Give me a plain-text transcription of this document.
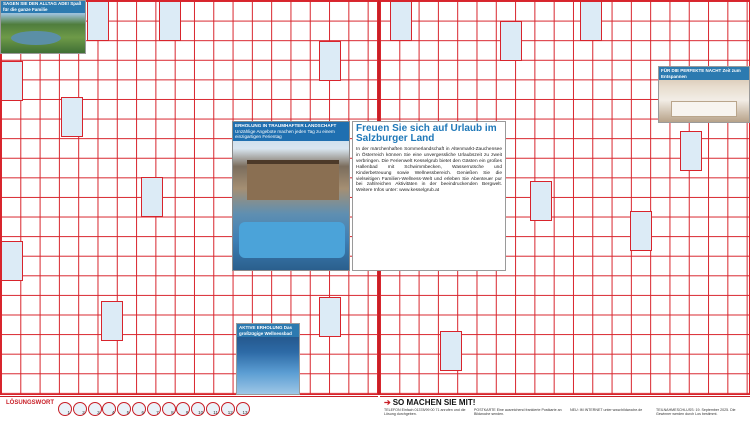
SAGEN SIE DEN ALLTAG ADE! Spaß für die ganze Familie
FÜR DIE PERFEKTE NACHT Zeit zum Entspannen
AKTIVE ERHOLUNG Das großzügige Wellnessbad
ERHOLUNG IN TRAUMHAFTER LANDSCHAFT
Unzählige Angebote machen jeden Tag zu einem einzigartigen Ferientag
Freuen Sie sich auf Urlaub im Salzburger Land

In der märchenhaften Sommerlandschaft in Altenmarkt-Zauchensee in Österreich können Sie eine unvergessliche Urlaubszeit zu zweit verbringen. Die Ferienwelt Kesselgrub bietet den Gästen ein großes Hallenbad mit Schwimmbecken, Wasserrutsche und Kinderbetreuung sowie Wellnessbereich. Genießen Sie die vielseitigen Familien-Wellness-Welt und erleben Sie Abenteuer pur bei zahlreichen Aktivitäten in der beeindruckenden Bergwelt. Weitere Infos unter: www.kesselgrub.at

LÖSUNGSWORT
1	2	3	4	5	6	7	8	9 10 11 12 13
➔ SO MACHEN SIE MIT!
TELEFON Einfach 01378/99 00 71 anrufen und die Lösung durchgeben.
POSTKARTE Eine ausreichend frankierte Postkarte an Bildwoche senden.
NEU: IM INTERNET unter www.bildwoche.de	TEILNAHMESCHLUSS: 19. September 2025. Die Gewinner werden durch Los bestimmt.
